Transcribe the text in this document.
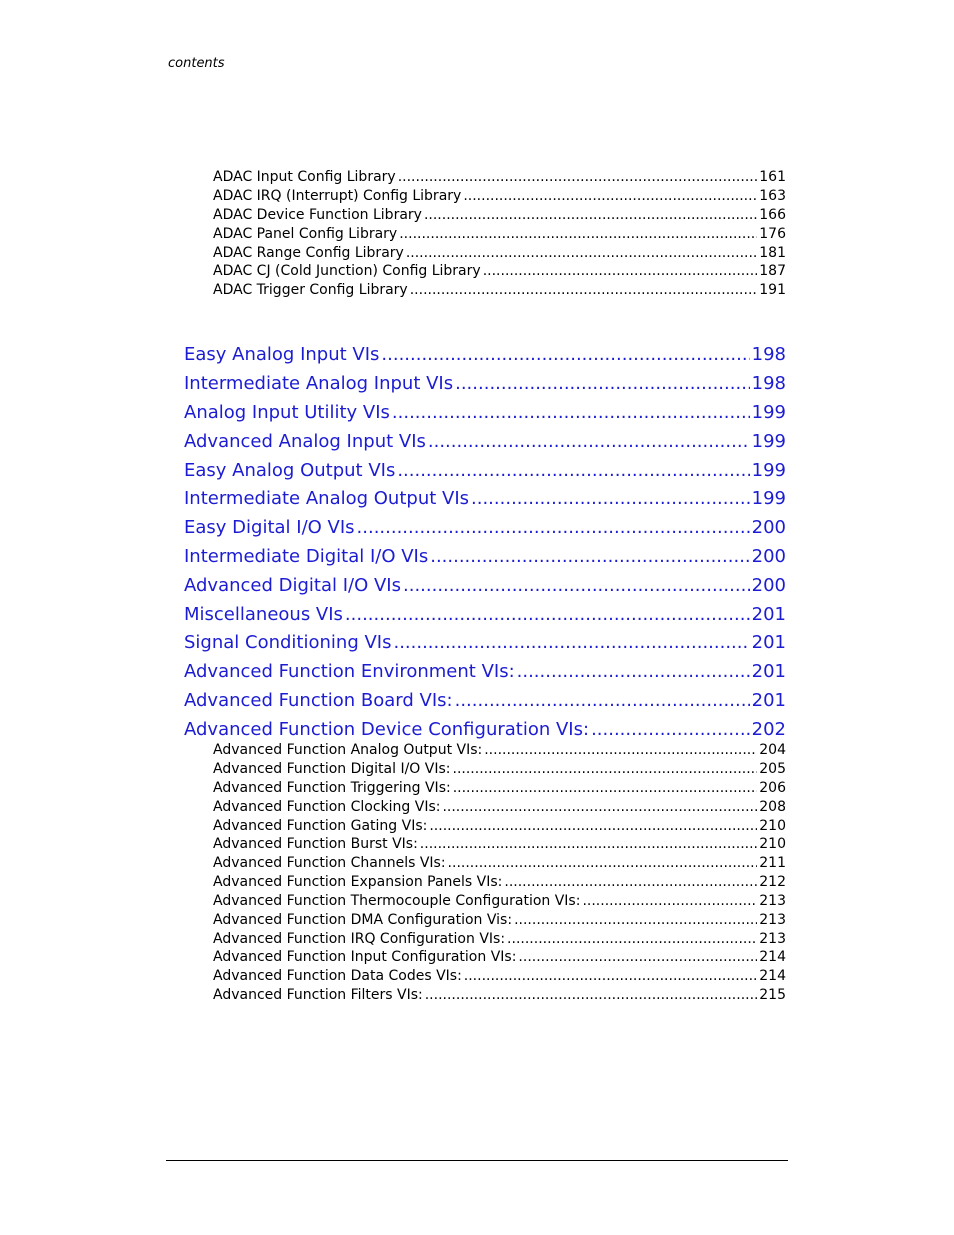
contents
ADAC Input Config Library .....	161
ADAC IRQ (Interrupt) Config Library .....	163
ADAC Device Function Library .....	166
ADAC Panel Config Library .....	176
ADAC Range Config Library .....	181
ADAC CJ (Cold Junction) Config Library .....	187
ADAC Trigger Config Library .....	191
Easy Analog Input VIs .....	198
Intermediate Analog Input VIs .....	198
Analog Input Utility VIs .....	199
Advanced Analog Input VIs .....	199
Easy Analog Output VIs .....	199
Intermediate Analog Output VIs .....	199
Easy Digital I/O VIs .....	200
Intermediate Digital I/O VIs .....	200
Advanced Digital I/O VIs .....	200
Miscellaneous VIs .....	201
Signal Conditioning VIs .....	201
Advanced Function Environment VIs: .....	201
Advanced Function Board VIs: .....	201
Advanced Function Device Configuration VIs: .....	202
Advanced Function Analog Output VIs: .....	204
Advanced Function Digital I/O VIs: .....	205
Advanced Function Triggering VIs: .....	206
Advanced Function Clocking VIs: .....	208
Advanced Function Gating VIs: .....	210
Advanced Function Burst VIs: .....	210
Advanced Function Channels VIs: .....	211
Advanced Function Expansion Panels VIs: .....	212
Advanced Function Thermocouple Configuration VIs: .....	213
Advanced Function DMA Configuration Vis: .....	213
Advanced Function IRQ Configuration VIs: .....	213
Advanced Function Input Configuration VIs: .....	214
Advanced Function Data Codes VIs: .....	214
Advanced Function Filters VIs: .....	215
